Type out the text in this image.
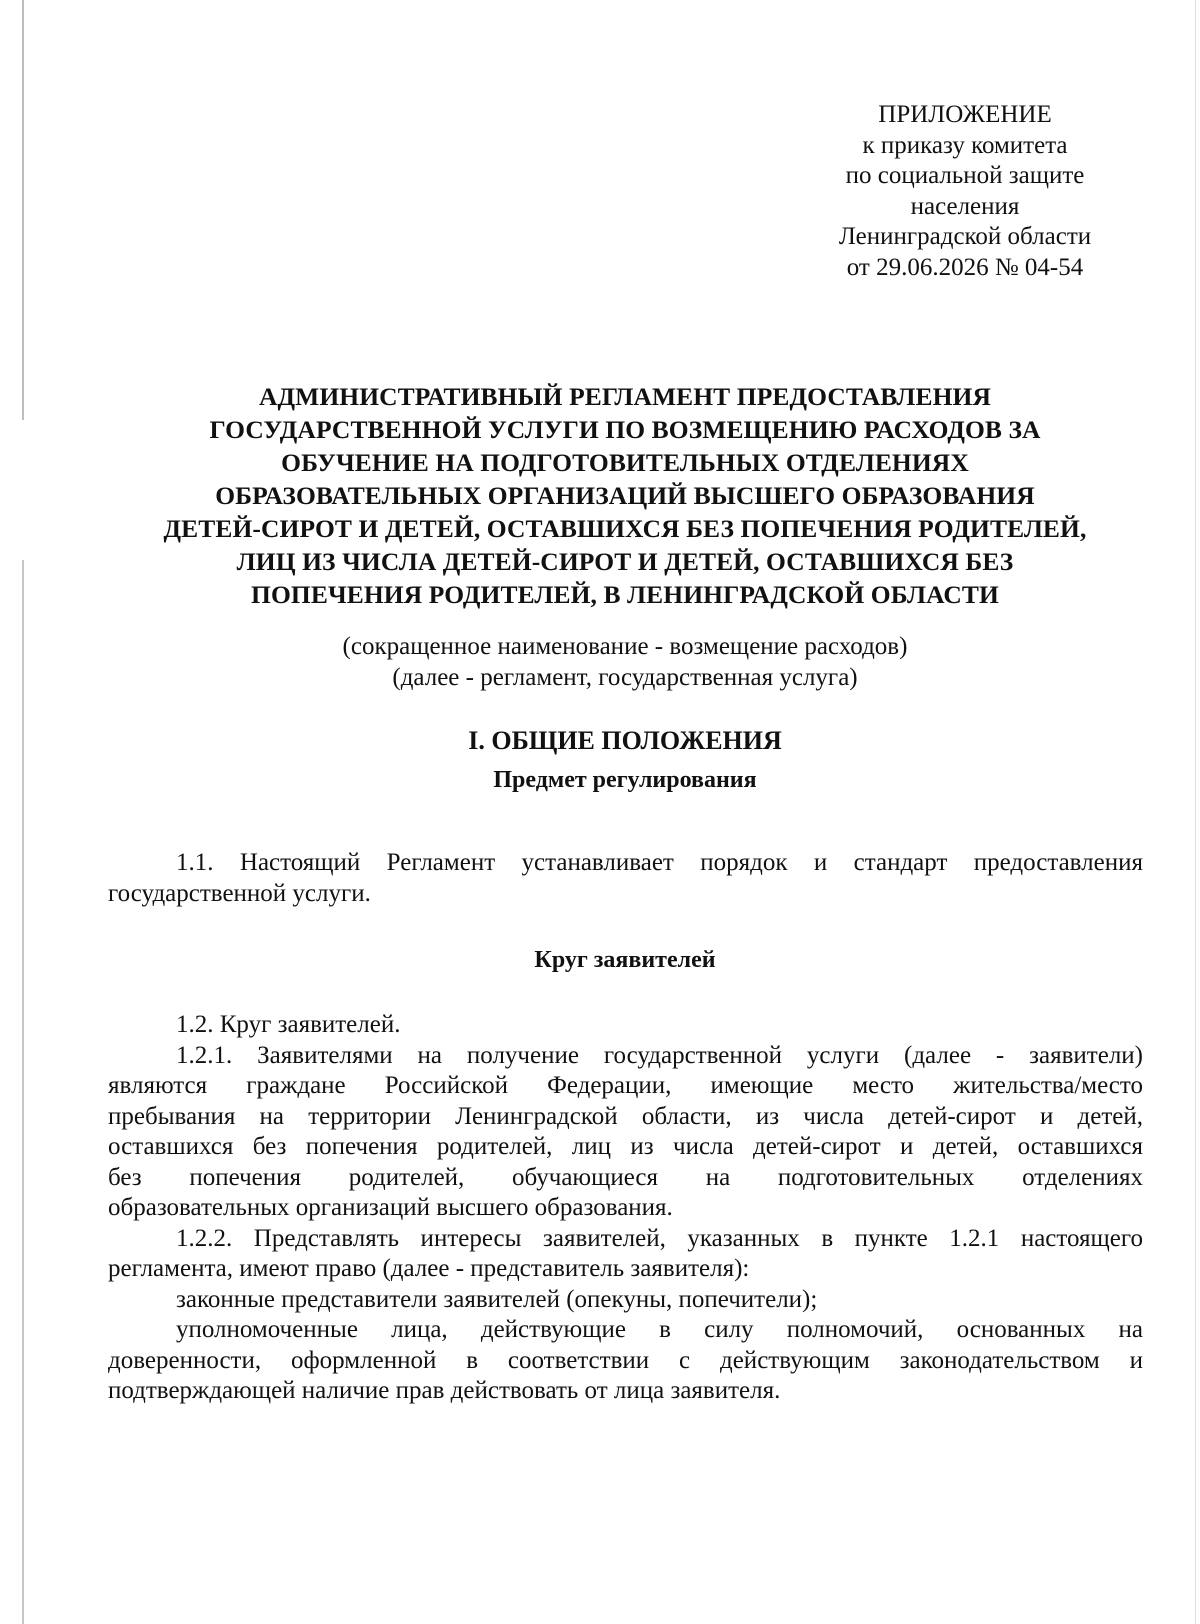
ПРИЛОЖЕНИЕ
к приказу комитета
по социальной защите
населения
Ленинградской области
от 29.06.2026 № 04-54
АДМИНИСТРАТИВНЫЙ РЕГЛАМЕНТ ПРЕДОСТАВЛЕНИЯ
ГОСУДАРСТВЕННОЙ УСЛУГИ ПО ВОЗМЕЩЕНИЮ РАСХОДОВ ЗА
ОБУЧЕНИЕ НА ПОДГОТОВИТЕЛЬНЫХ ОТДЕЛЕНИЯХ
ОБРАЗОВАТЕЛЬНЫХ ОРГАНИЗАЦИЙ ВЫСШЕГО ОБРАЗОВАНИЯ
ДЕТЕЙ-СИРОТ И ДЕТЕЙ, ОСТАВШИХСЯ БЕЗ ПОПЕЧЕНИЯ РОДИТЕЛЕЙ,
ЛИЦ ИЗ ЧИСЛА ДЕТЕЙ-СИРОТ И ДЕТЕЙ, ОСТАВШИХСЯ БЕЗ
ПОПЕЧЕНИЯ РОДИТЕЛЕЙ, В ЛЕНИНГРАДСКОЙ ОБЛАСТИ
(сокращенное наименование - возмещение расходов)
(далее - регламент, государственная услуга)
I. ОБЩИЕ ПОЛОЖЕНИЯ
Предмет регулирования
1.1. Настоящий Регламент устанавливает порядок и стандарт предоставления
государственной услуги.
Круг заявителей
1.2. Круг заявителей.
1.2.1. Заявителями на получение государственной услуги (далее - заявители)
являются граждане Российской Федерации, имеющие место жительства/место
пребывания на территории Ленинградской области, из числа детей-сирот и детей,
оставшихся без попечения родителей, лиц из числа детей-сирот и детей, оставшихся
без попечения родителей, обучающиеся на подготовительных отделениях
образовательных организаций высшего образования.
1.2.2. Представлять интересы заявителей, указанных в пункте 1.2.1 настоящего
регламента, имеют право (далее - представитель заявителя):
законные представители заявителей (опекуны, попечители);
уполномоченные лица, действующие в силу полномочий, основанных на
доверенности, оформленной в соответствии с действующим законодательством и
подтверждающей наличие прав действовать от лица заявителя.
